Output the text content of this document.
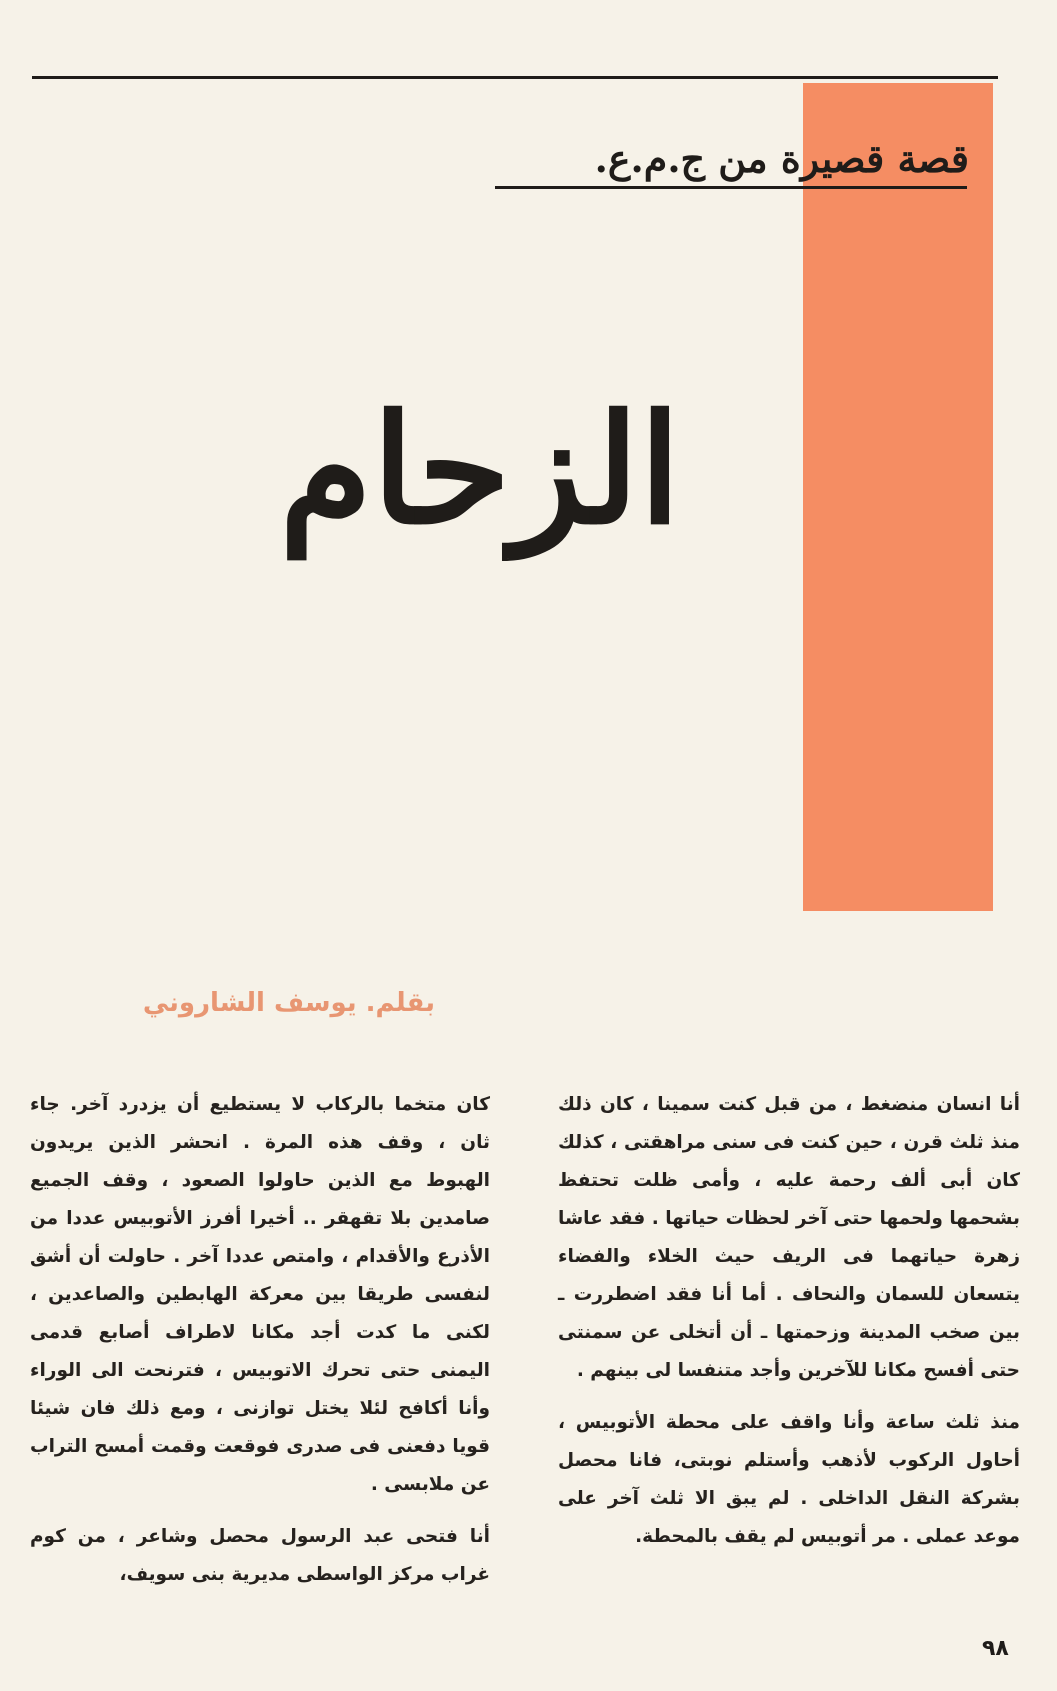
قصة قصيرة من ج.م.ع.
الزحام
بقلم. يوسف الشاروني

أنا انسان منضغط ، من قبل كنت سمينا ، كان ذلك منذ ثلث قرن ، حين كنت فى سنى مراهقتى ، كذلك كان أبى ألف رحمة عليه ، وأمى ظلت تحتفظ بشحمها ولحمها حتى آخر لحظات حياتها . فقد عاشا زهرة حياتهما فى الريف حيث الخلاء والفضاء يتسعان للسمان والنحاف . أما أنا فقد اضطررت ـ بين صخب المدينة وزحمتها ـ أن أتخلى عن سمنتى حتى أفسح مكانا للآخرين وأجد متنفسا لى بينهم .

منذ ثلث ساعة وأنا واقف على محطة الأتوبيس ، أحاول الركوب لأذهب وأستلم نوبتى، فانا محصل بشركة النقل الداخلى . لم يبق الا ثلث آخر على موعد عملى . مر أتوبيس لم يقف بالمحطة.

كان متخما بالركاب لا يستطيع أن يزدرد آخر. جاء ثان ، وقف هذه المرة . انحشر الذين يريدون الهبوط مع الذين حاولوا الصعود ، وقف الجميع صامدين بلا تقهقر .. أخيرا أفرز الأتوبيس عددا من الأذرع والأقدام ، وامتص عددا آخر . حاولت أن أشق لنفسى طريقا بين معركة الهابطين والصاعدين ، لكنى ما كدت أجد مكانا لاطراف أصابع قدمى اليمنى حتى تحرك الاتوبيس ، فترنحت الى الوراء وأنا أكافح لئلا يختل توازنى ، ومع ذلك فان شيئا قويا دفعنى فى صدرى فوقعت وقمت أمسح التراب عن ملابسى .

أنا فتحى عبد الرسول محصل وشاعر ، من كوم غراب مركز الواسطى مديرية بنى سويف،

٩٨
